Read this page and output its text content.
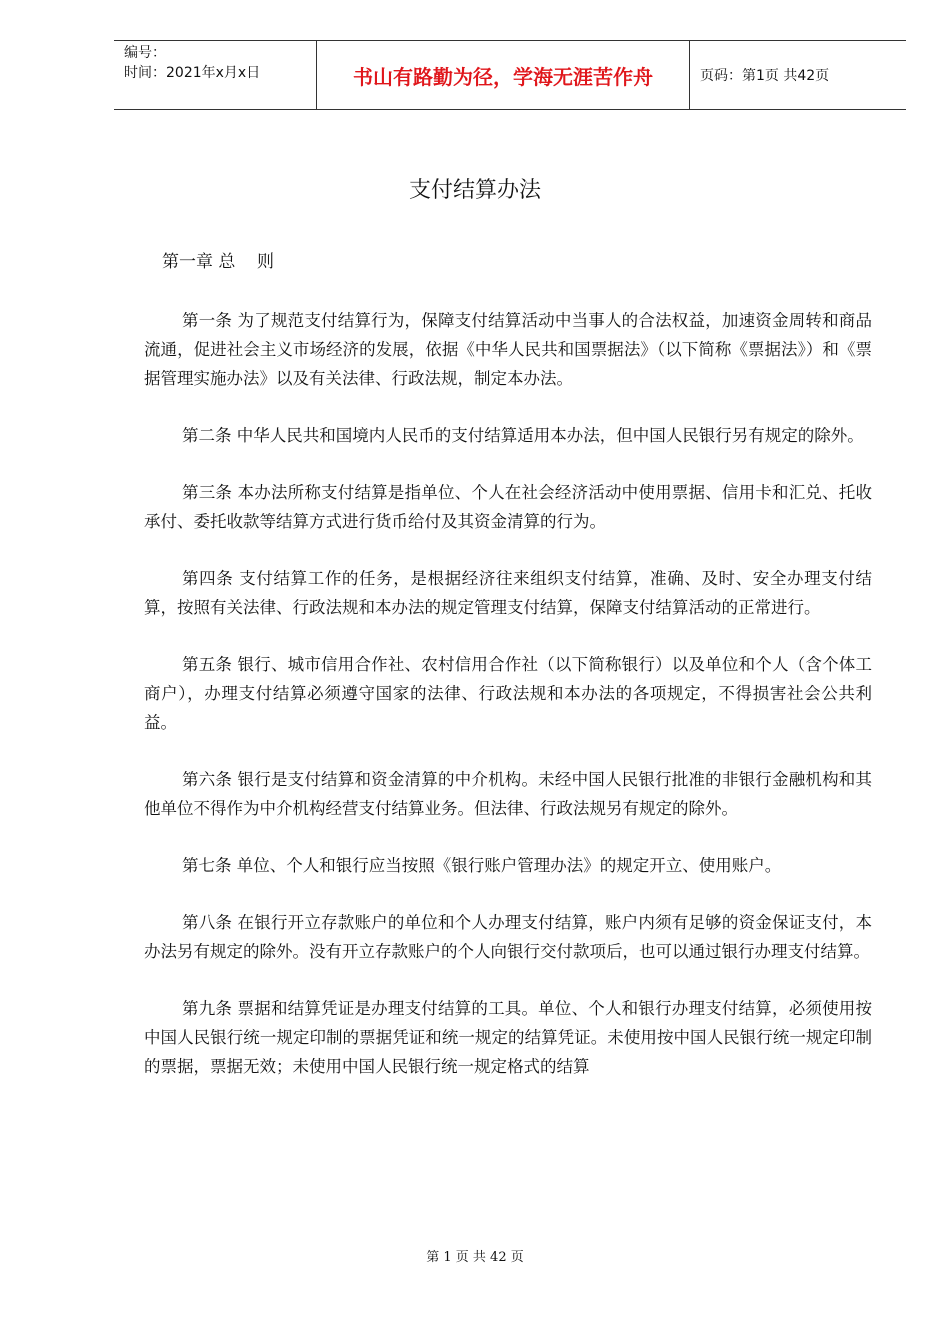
编号：
时间：2021年x月x日	书山有路勤为径，学海无涯苦作舟	页码：第1页 共42页
支付结算办法
第一章 总    则

第一条 为了规范支付结算行为，保障支付结算活动中当事人的合法权益，加速资金周转和商品流通，促进社会主义市场经济的发展，依据《中华人民共和国票据法》（以下简称《票据法》）和《票据管理实施办法》以及有关法律、行政法规，制定本办法。

第二条 中华人民共和国境内人民币的支付结算适用本办法，但中国人民银行另有规定的除外。

第三条 本办法所称支付结算是指单位、个人在社会经济活动中使用票据、信用卡和汇兑、托收承付、委托收款等结算方式进行货币给付及其资金清算的行为。

第四条 支付结算工作的任务，是根据经济往来组织支付结算，准确、及时、安全办理支付结算，按照有关法律、行政法规和本办法的规定管理支付结算，保障支付结算活动的正常进行。

第五条 银行、城市信用合作社、农村信用合作社（以下简称银行）以及单位和个人（含个体工商户），办理支付结算必须遵守国家的法律、行政法规和本办法的各项规定，不得损害社会公共利益。

第六条 银行是支付结算和资金清算的中介机构。未经中国人民银行批准的非银行金融机构和其他单位不得作为中介机构经营支付结算业务。但法律、行政法规另有规定的除外。

第七条 单位、个人和银行应当按照《银行账户管理办法》的规定开立、使用账户。

第八条 在银行开立存款账户的单位和个人办理支付结算，账户内须有足够的资金保证支付，本办法另有规定的除外。没有开立存款账户的个人向银行交付款项后，也可以通过银行办理支付结算。

第九条 票据和结算凭证是办理支付结算的工具。单位、个人和银行办理支付结算，必须使用按中国人民银行统一规定印制的票据凭证和统一规定的结算凭证。未使用按中国人民银行统一规定印制的票据，票据无效；未使用中国人民银行统一规定格式的结算

第 1 页 共 42 页
